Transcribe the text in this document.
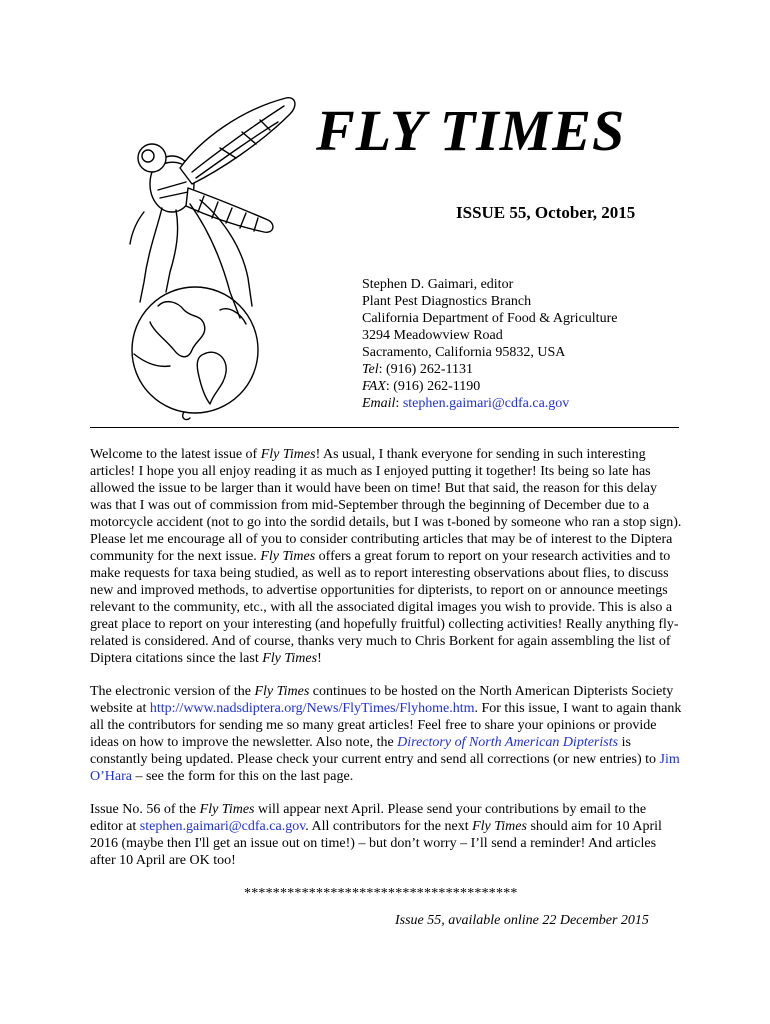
FLY TIMES
ISSUE 55, October, 2015
Stephen D. Gaimari, editor
Plant Pest Diagnostics Branch
California Department of Food & Agriculture
3294 Meadowview Road
Sacramento, California 95832, USA
Tel: (916) 262-1131
FAX: (916) 262-1190
Email: stephen.gaimari@cdfa.ca.gov

Welcome to the latest issue of Fly Times! As usual, I thank everyone for sending in such interesting articles! I hope you all enjoy reading it as much as I enjoyed putting it together! Its being so late has allowed the issue to be larger than it would have been on time! But that said, the reason for this delay was that I was out of commission from mid-September through the beginning of December due to a motorcycle accident (not to go into the sordid details, but I was t-boned by someone who ran a stop sign). Please let me encourage all of you to consider contributing articles that may be of interest to the Diptera community for the next issue. Fly Times offers a great forum to report on your research activities and to make requests for taxa being studied, as well as to report interesting observations about flies, to discuss new and improved methods, to advertise opportunities for dipterists, to report on or announce meetings relevant to the community, etc., with all the associated digital images you wish to provide. This is also a great place to report on your interesting (and hopefully fruitful) collecting activities! Really anything fly-related is considered. And of course, thanks very much to Chris Borkent for again assembling the list of Diptera citations since the last Fly Times!

The electronic version of the Fly Times continues to be hosted on the North American Dipterists Society website at http://www.nadsdiptera.org/News/FlyTimes/Flyhome.htm. For this issue, I want to again thank all the contributors for sending me so many great articles! Feel free to share your opinions or provide ideas on how to improve the newsletter. Also note, the Directory of North American Dipterists is constantly being updated. Please check your current entry and send all corrections (or new entries) to Jim O’Hara – see the form for this on the last page.

Issue No. 56 of the Fly Times will appear next April. Please send your contributions by email to the editor at stephen.gaimari@cdfa.ca.gov. All contributors for the next Fly Times should aim for 10 April 2016 (maybe then I'll get an issue out on time!) – but don’t worry – I’ll send a reminder! And articles after 10 April are OK too!

**************************************
Issue 55, available online 22 December 2015
